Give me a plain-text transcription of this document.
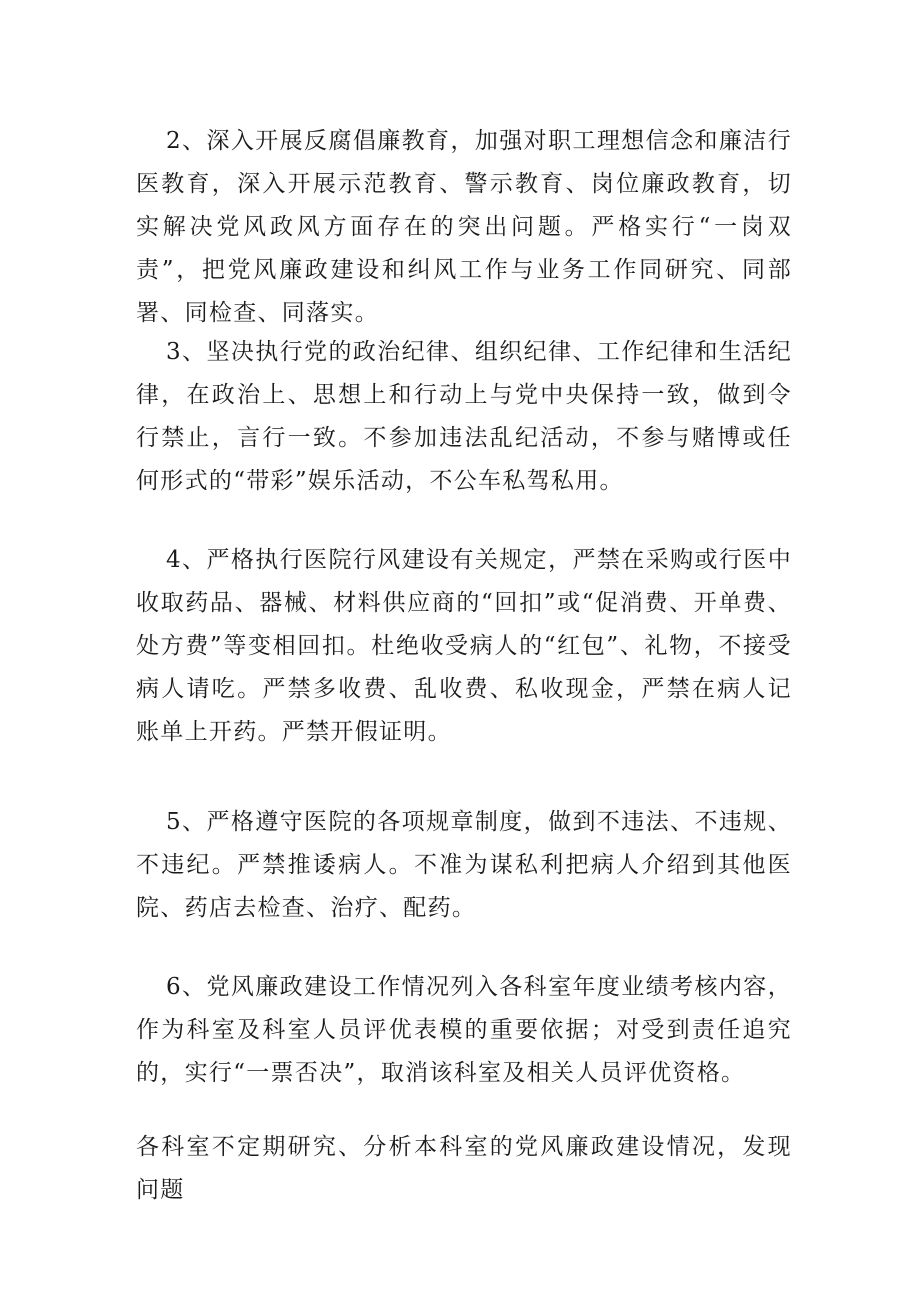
2、深入开展反腐倡廉教育，加强对职工理想信念和廉洁行医教育，深入开展示范教育、警示教育、岗位廉政教育，切实解决党风政风方面存在的突出问题。严格实行“一岗双责”，把党风廉政建设和纠风工作与业务工作同研究、同部署、同检查、同落实。

3、坚决执行党的政治纪律、组织纪律、工作纪律和生活纪律，在政治上、思想上和行动上与党中央保持一致，做到令行禁止，言行一致。不参加违法乱纪活动，不参与赌博或任何形式的“带彩”娱乐活动，不公车私驾私用。

4、严格执行医院行风建设有关规定，严禁在采购或行医中收取药品、器械、材料供应商的“回扣”或“促消费、开单费、处方费”等变相回扣。杜绝收受病人的“红包”、礼物，不接受病人请吃。严禁多收费、乱收费、私收现金，严禁在病人记账单上开药。严禁开假证明。

5、严格遵守医院的各项规章制度，做到不违法、不违规、不违纪。严禁推诿病人。不准为谋私利把病人介绍到其他医院、药店去检查、治疗、配药。

6、党风廉政建设工作情况列入各科室年度业绩考核内容，作为科室及科室人员评优表模的重要依据；对受到责任追究的，实行“一票否决”，取消该科室及相关人员评优资格。

各科室不定期研究、分析本科室的党风廉政建设情况，发现问题
